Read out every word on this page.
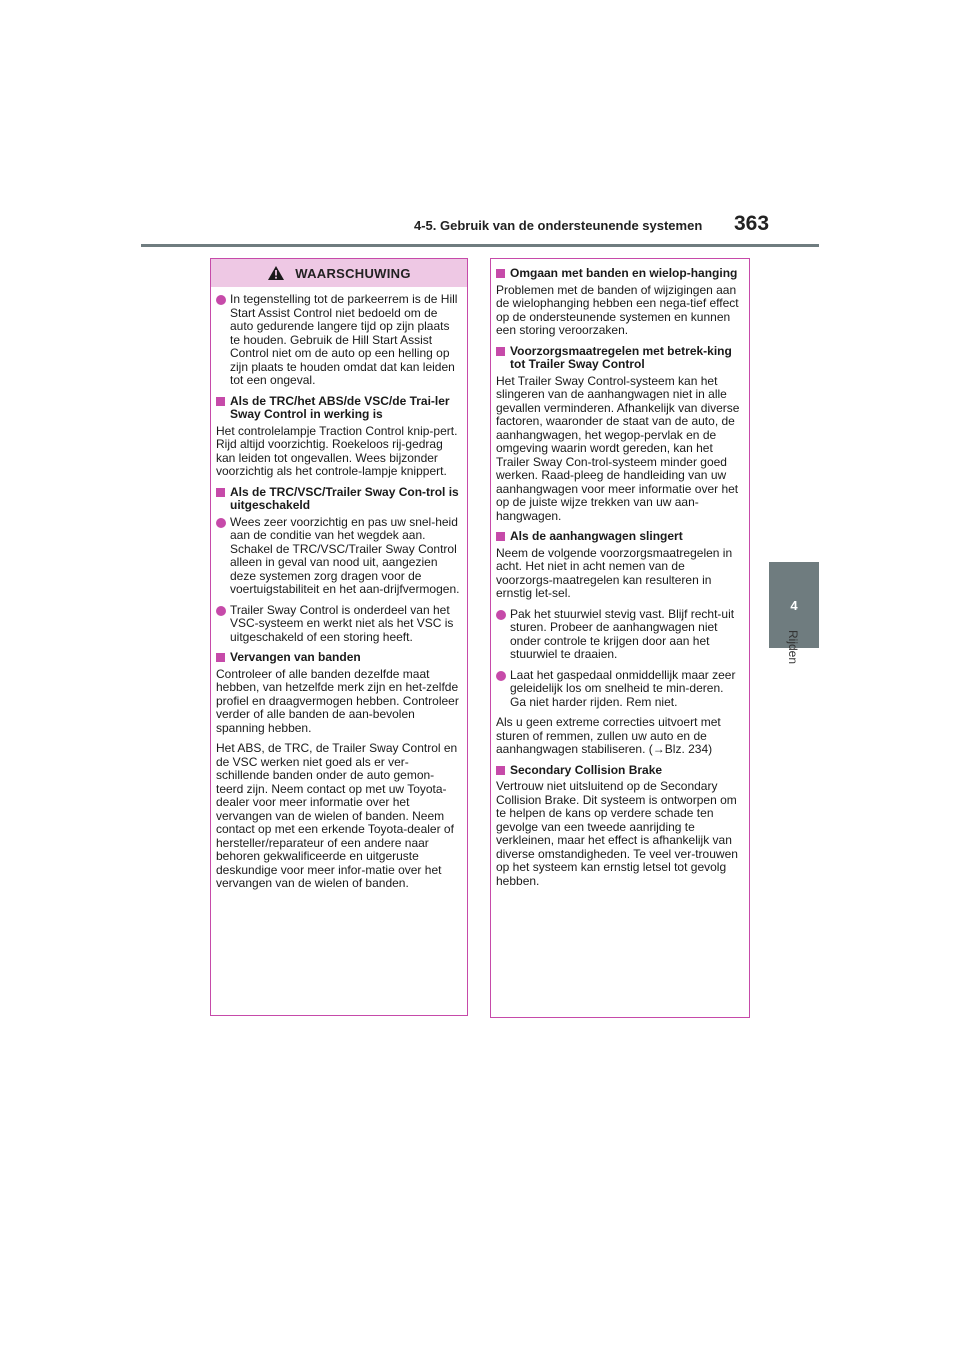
4-5. Gebruik van de ondersteunende systemen 363
4
Rijden
WAARSCHUWING
In tegenstelling tot de parkeerrem is de Hill Start Assist Control niet bedoeld om de auto gedurende langere tijd op zijn plaats te houden. Gebruik de Hill Start Assist Control niet om de auto op een helling op zijn plaats te houden omdat dat kan leiden tot een ongeval.
Als de TRC/het ABS/de VSC/de Trai-ler Sway Control in werking is
Het controlelampje Traction Control knip-pert. Rijd altijd voorzichtig. Roekeloos rij-gedrag kan leiden tot ongevallen. Wees bijzonder voorzichtig als het controle-lampje knippert.
Als de TRC/VSC/Trailer Sway Con-trol is uitgeschakeld
Wees zeer voorzichtig en pas uw snel-heid aan de conditie van het wegdek aan. Schakel de TRC/VSC/Trailer Sway Control alleen in geval van nood uit, aangezien deze systemen zorg dragen voor de voertuigstabiliteit en het aan-drijfvermogen.
Trailer Sway Control is onderdeel van het VSC-systeem en werkt niet als het VSC is uitgeschakeld of een storing heeft.
Vervangen van banden
Controleer of alle banden dezelfde maat hebben, van hetzelfde merk zijn en het-zelfde profiel en draagvermogen hebben. Controleer verder of alle banden de aan-bevolen spanning hebben.
Het ABS, de TRC, de Trailer Sway Control en de VSC werken niet goed als er ver-schillende banden onder de auto gemon-teerd zijn. Neem contact op met uw Toyota-dealer voor meer informatie over het vervangen van de wielen of banden. Neem contact op met een erkende Toyota-dealer of hersteller/reparateur of een andere naar behoren gekwalificeerde en uitgeruste deskundige voor meer infor-matie over het vervangen van de wielen of banden.
Omgaan met banden en wielop-hanging
Problemen met de banden of wijzigingen aan de wielophanging hebben een nega-tief effect op de ondersteunende systemen en kunnen een storing veroorzaken.
Voorzorgsmaatregelen met betrek-king tot Trailer Sway Control
Het Trailer Sway Control-systeem kan het slingeren van de aanhangwagen niet in alle gevallen verminderen. Afhankelijk van diverse factoren, waaronder de staat van de auto, de aanhangwagen, het wegop-pervlak en de omgeving waarin wordt gereden, kan het Trailer Sway Con-trol-systeem minder goed werken. Raad-pleeg de handleiding van uw aanhangwagen voor meer informatie over het op de juiste wijze trekken van uw aan-hangwagen.
Als de aanhangwagen slingert
Neem de volgende voorzorgsmaatregelen in acht. Het niet in acht nemen van de voorzorgs-maatregelen kan resulteren in ernstig let-sel.
Pak het stuurwiel stevig vast. Blijf recht-uit sturen. Probeer de aanhangwagen niet onder controle te krijgen door aan het stuurwiel te draaien.
Laat het gaspedaal onmiddellijk maar zeer geleidelijk los om snelheid te min-deren. Ga niet harder rijden. Rem niet.
Als u geen extreme correcties uitvoert met sturen of remmen, zullen uw auto en de aanhangwagen stabiliseren. (→Blz. 234)
Secondary Collision Brake
Vertrouw niet uitsluitend op de Secondary Collision Brake. Dit systeem is ontworpen om te helpen de kans op verdere schade ten gevolge van een tweede aanrijding te verkleinen, maar het effect is afhankelijk van diverse omstandigheden. Te veel ver-trouwen op het systeem kan ernstig letsel tot gevolg hebben.
